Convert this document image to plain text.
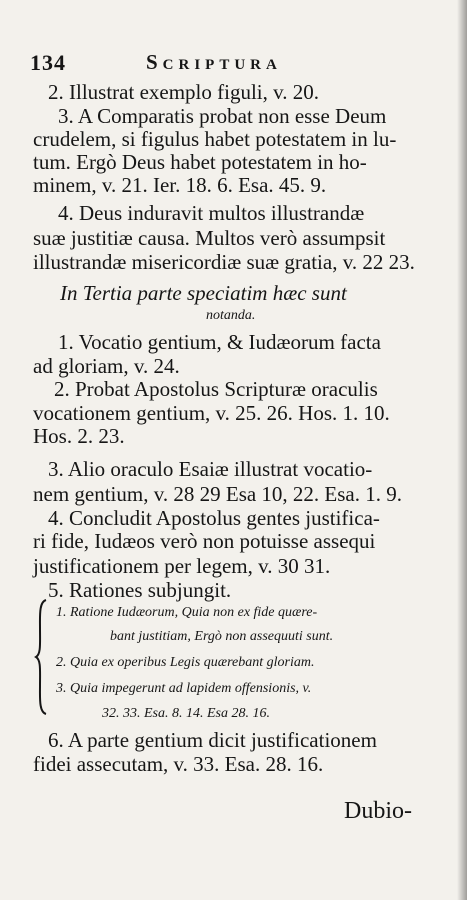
134	Scriptura
2. Illustrat exemplo figuli, v. 20.
3. A Comparatis probat non esse Deum
crudelem, si figulus habet potestatem in lu-
tum. Ergò Deus habet potestatem in ho-
minem, v. 21. Ier. 18. 6. Esa. 45. 9.
4. Deus induravit multos illustrandæ
suæ justitiæ causa. Multos verò assumpsit
illustrandæ misericordiæ suæ gratia, v. 22 23.
In Tertia parte speciatim hæc sunt
notanda.
1. Vocatio gentium, & Iudæorum facta
ad gloriam, v. 24.
2. Probat Apostolus Scripturæ oraculis
vocationem gentium, v. 25. 26. Hos. 1. 10.
Hos. 2. 23.
3. Alio oraculo Esaiæ illustrat vocatio-
nem gentium, v. 28 29 Esa 10, 22. Esa. 1. 9.
4. Concludit Apostolus gentes justifica-
ri fide, Iudæos verò non potuisse assequi
justificationem per legem, v. 30 31.
5. Rationes subjungit.
1. Ratione Iudæorum, Quia non ex fide quære-
bant justitiam, Ergò non assequuti sunt.
2. Quia ex operibus Legis quærebant gloriam.
3. Quia impegerunt ad lapidem offensionis, v.
32. 33. Esa. 8. 14. Esa 28. 16.
6. A parte gentium dicit justificationem
fidei assecutam, v. 33. Esa. 28. 16.
Dubio-
